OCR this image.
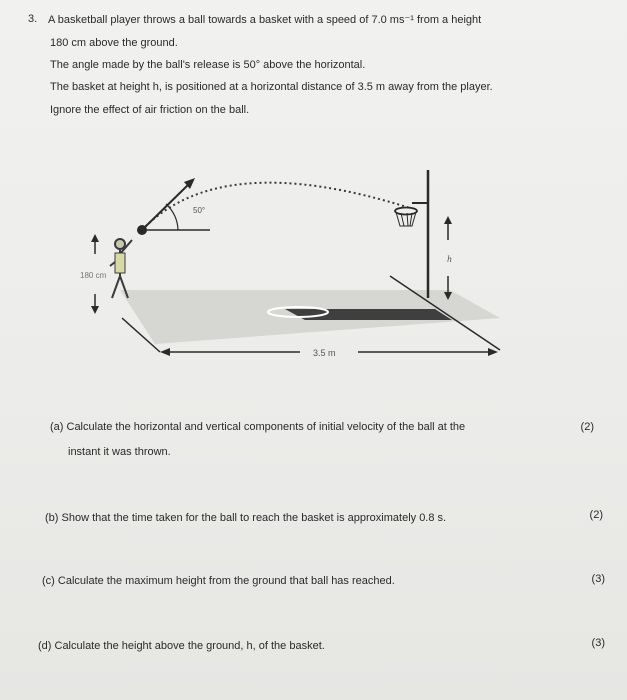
3. A basketball player throws a ball towards a basket with a speed of 7.0 ms⁻¹ from a height
180 cm above the ground.
The angle made by the ball's release is 50° above the horizontal.
The basket at height h, is positioned at a horizontal distance of 3.5 m away from the player.
Ignore the effect of air friction on the ball.
50°
180 cm
h
3.5 m
(a) Calculate the horizontal and vertical components of initial velocity of the ball at the
instant it was thrown.
(2)
(b) Show that the time taken for the ball to reach the basket is approximately 0.8 s.	(2)
(c) Calculate the maximum height from the ground that ball has reached.	(3)
(d) Calculate the height above the ground, h, of the basket.	(3)
